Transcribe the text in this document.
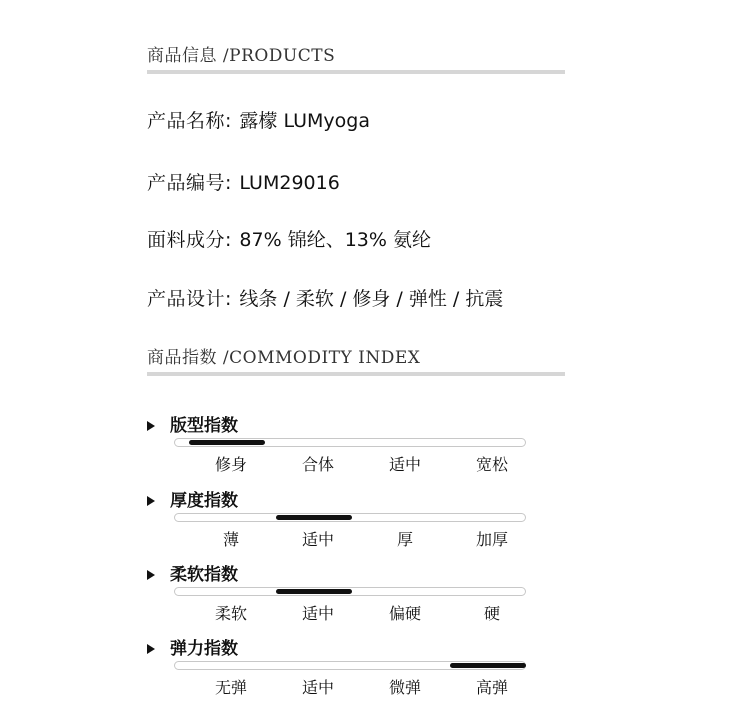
商品信息 /PRODUCTS
产品名称: 露檬 LUMyoga
产品编号: LUM29016
面料成分: 87% 锦纶、13% 氨纶
产品设计: 线条 / 柔软 / 修身 / 弹性 / 抗震
商品指数 /COMMODITY INDEX
版型指数
修身	合体	适中	宽松
厚度指数
薄	适中	厚	加厚
柔软指数
柔软	适中	偏硬	硬
弹力指数
无弹	适中	微弹	高弹
